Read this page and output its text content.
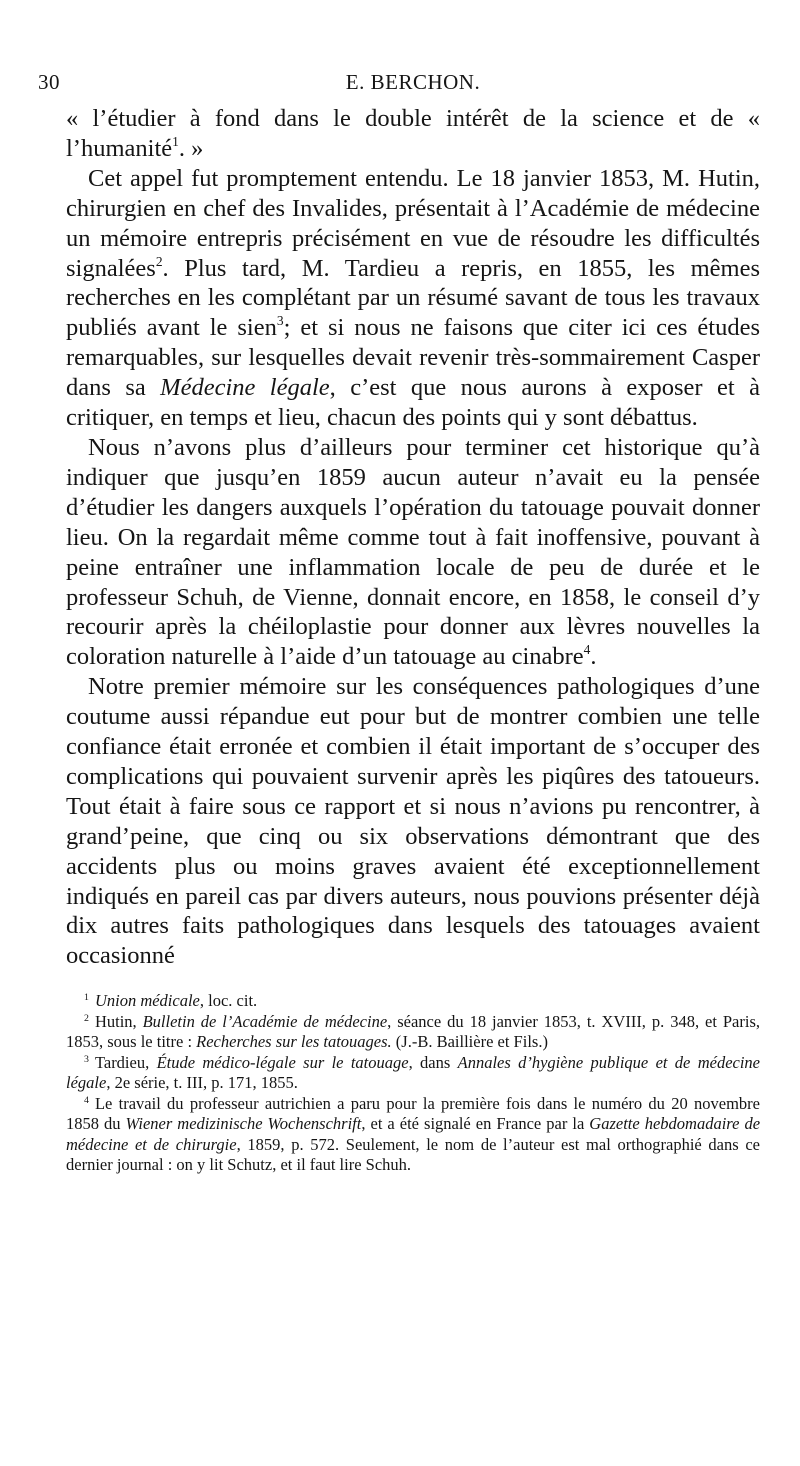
30	E. BERCHON.

« l’étudier à fond dans le double intérêt de la science et de « l’humanité$^1$. »

Cet appel fut promptement entendu. Le 18 janvier 1853, M. Hutin, chirurgien en chef des Invalides, présentait à l’Académie de médecine un mémoire entrepris précisément en vue de résoudre les difficultés signalées$^2$. Plus tard, M. Tardieu a repris, en 1855, les mêmes recherches en les complétant par un résumé savant de tous les travaux publiés avant le sien$^3$; et si nous ne faisons que citer ici ces études remarquables, sur lesquelles devait revenir très-sommairement Casper dans sa Médecine légale, c’est que nous aurons à exposer et à critiquer, en temps et lieu, chacun des points qui y sont débattus.

Nous n’avons plus d’ailleurs pour terminer cet historique qu’à indiquer que jusqu’en 1859 aucun auteur n’avait eu la pensée d’étudier les dangers auxquels l’opération du tatouage pouvait donner lieu. On la regardait même comme tout à fait inoffensive, pouvant à peine entraîner une inflammation locale de peu de durée et le professeur Schuh, de Vienne, donnait encore, en 1858, le conseil d’y recourir après la chéiloplastie pour donner aux lèvres nouvelles la coloration naturelle à l’aide d’un tatouage au cinabre$^4$.

Notre premier mémoire sur les conséquences pathologiques d’une coutume aussi répandue eut pour but de montrer combien une telle confiance était erronée et combien il était important de s’occuper des complications qui pouvaient survenir après les piqûres des tatoueurs. Tout était à faire sous ce rapport et si nous n’avions pu rencontrer, à grand’peine, que cinq ou six observations démontrant que des accidents plus ou moins graves avaient été exceptionnellement indiqués en pareil cas par divers auteurs, nous pouvions présenter déjà dix autres faits pathologiques dans lesquels des tatouages avaient occasionné

$^1$ Union médicale, loc. cit.

$^2$ Hutin, Bulletin de l’Académie de médecine, séance du 18 janvier 1853, t. XVIII, p. 348, et Paris, 1853, sous le titre : Recherches sur les tatouages. (J.-B. Baillière et Fils.)

$^3$ Tardieu, Étude médico-légale sur le tatouage, dans Annales d’hygiène publique et de médecine légale, 2e série, t. III, p. 171, 1855.

$^4$ Le travail du professeur autrichien a paru pour la première fois dans le numéro du 20 novembre 1858 du Wiener medizinische Wochenschrift, et a été signalé en France par la Gazette hebdomadaire de médecine et de chirurgie, 1859, p. 572. Seulement, le nom de l’auteur est mal orthographié dans ce dernier journal : on y lit Schutz, et il faut lire Schuh.
